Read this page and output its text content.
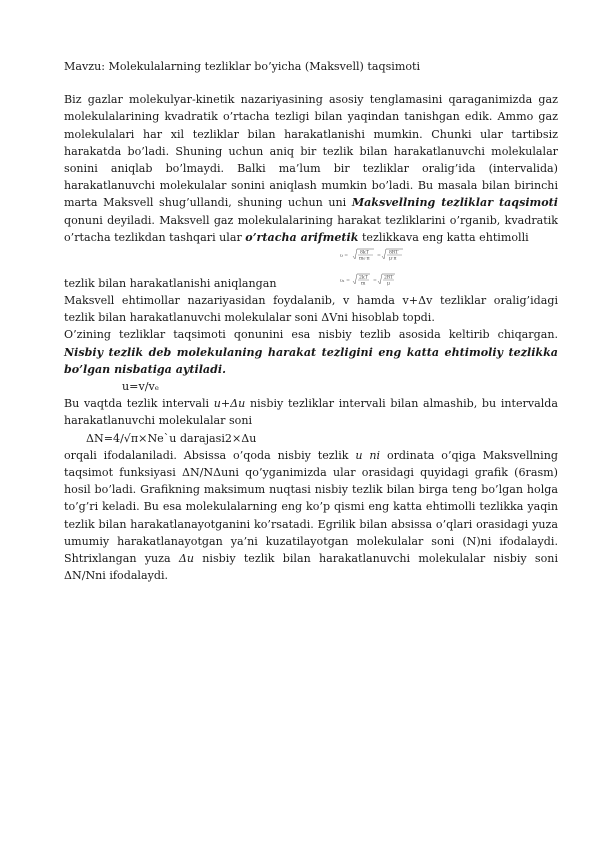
Mavzu: Molekulalarning tezliklar bo’yicha (Maksvell) taqsimoti

Biz gazlar molekulyar-kinetik nazariyasining asosiy tenglamasini qaraganimizda gaz molekulalarining kvadratik o’rtacha tezligi bilan yaqindan tanishgan edik. Ammo gaz molekulalari har xil tezliklar bilan harakatlanishi mumkin. Chunki ular tartibsiz harakatda bo’ladi. Shuning uchun aniq bir tezlik bilan harakatlanuvchi molekulalar sonini aniqlab bo’lmaydi. Balki ma’lum bir tezliklar oralig’ida (intervalida) harakatlanuvchi molekulalar sonini aniqlash mumkin bo’ladi. Bu masala bilan birinchi marta Maksvell shug’ullandi, shuning uchun uni Maksvellning tezliklar taqsimoti qonuni deyiladi. Maksvell gaz molekulalarining harakat tezliklarini o’rganib, kvadratik o’rtacha tezlikdan tashqari ular o’rtacha arifmetik tezlikkava eng katta ehtimolli

tezlik bilan harakatlanishi aniqlangan
υ =
8kT
m₀·π =
8RT
μ·π
υ₁ =
2kT
m =
2RT
μ

Maksvell ehtimollar nazariyasidan foydalanib, v hamda v+Δv tezliklar oralig’idagi tezlik bilan harakatlanuvchi molekulalar soni ΔVni hisoblab topdi.

O’zining tezliklar taqsimoti qonunini esa nisbiy tezlib asosida keltirib chiqargan. Nisbiy tezlik deb molekulaning harakat tezligini eng katta ehtimoliy tezlikka bo’lgan nisbatiga aytiladi.

u=v/vₑ

Bu vaqtda tezlik intervali u+Δu nisbiy tezliklar intervali bilan almashib, bu intervalda harakatlanuvchi molekulalar soni

ΔN=4/√π×Ne`u darajasi2×Δu

orqali ifodalaniladi. Absissa o’qoda nisbiy tezlik u ni ordinata o’qiga Maksvellning taqsimot funksiyasi ΔN/NΔuni qo’yganimizda ular orasidagi quyidagi grafik (6rasm) hosil bo’ladi. Grafikning maksimum nuqtasi nisbiy tezlik bilan birga teng bo’lgan holga to’g’ri keladi. Bu esa molekulalarning eng ko’p qismi eng katta ehtimolli tezlikka yaqin tezlik bilan harakatlanayotganini ko’rsatadi. Egrilik bilan absissa o’qlari orasidagi yuza umumiy harakatlanayotgan ya’ni kuzatilayotgan molekulalar soni (N)ni ifodalaydi. Shtrixlangan yuza Δu nisbiy tezlik bilan harakatlanuvchi molekulalar nisbiy soni ΔN/Nni ifodalaydi.
